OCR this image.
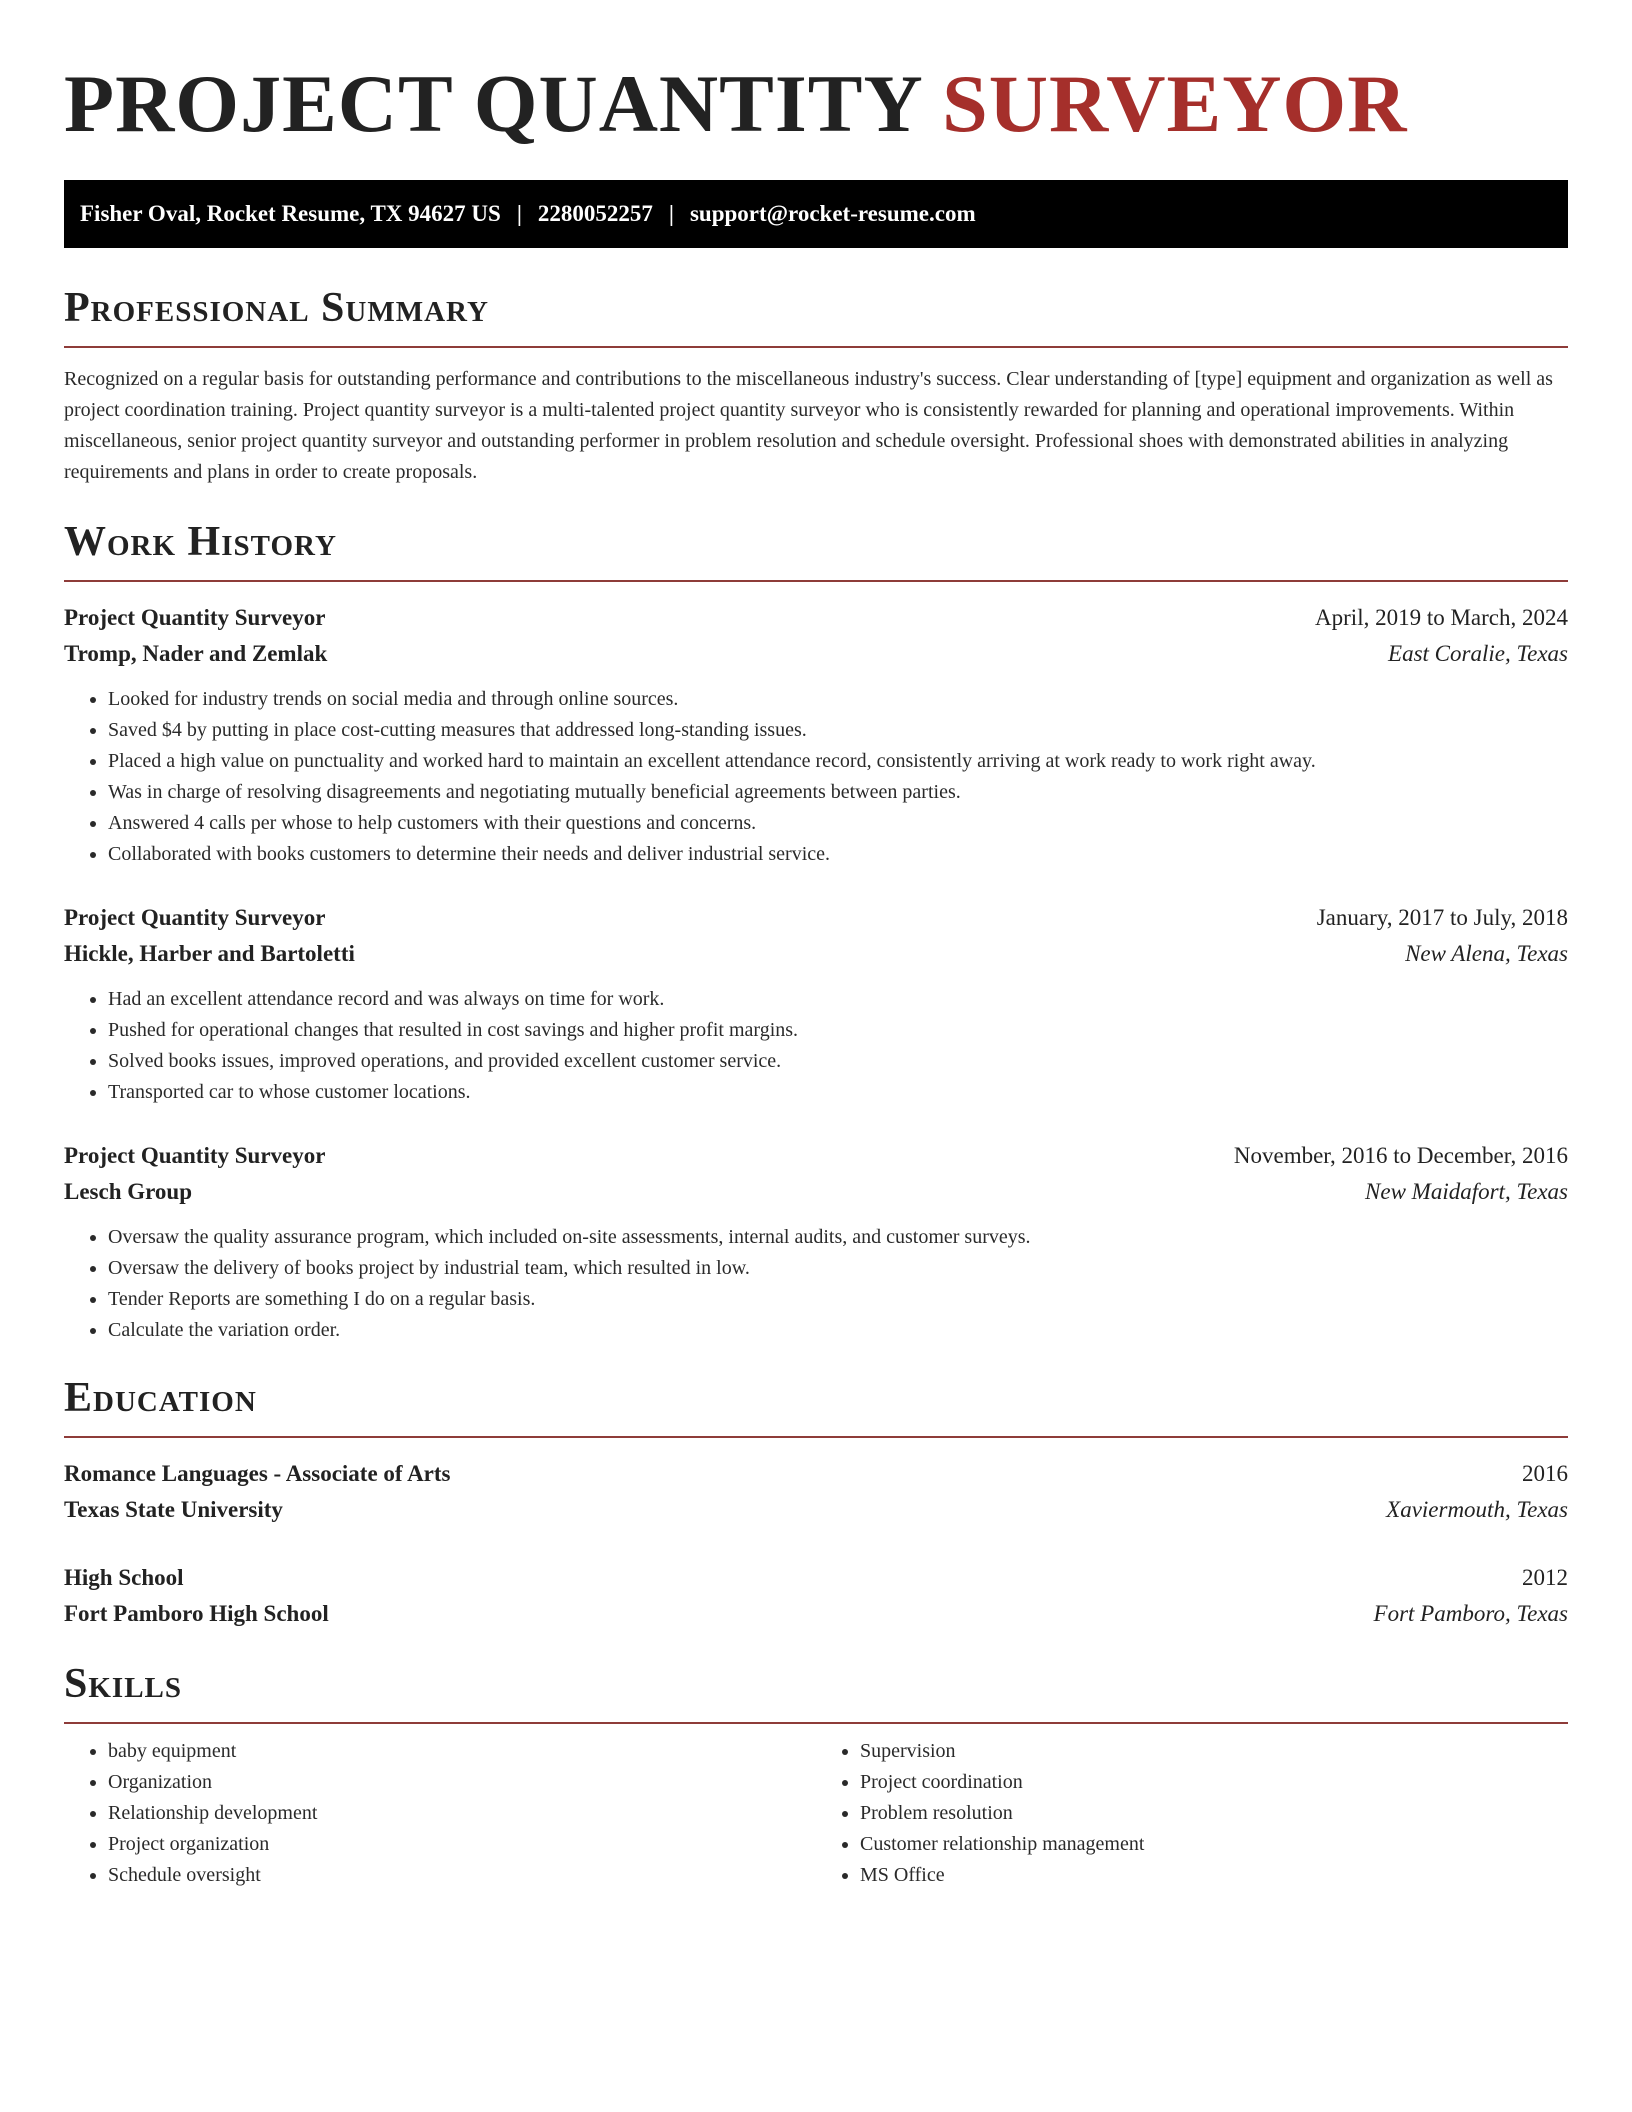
PROJECT QUANTITY SURVEYOR
Fisher Oval, Rocket Resume, TX 94627 US | 2280052257 | support@rocket-resume.com
Professional Summary

Recognized on a regular basis for outstanding performance and contributions to the miscellaneous industry's success. Clear understanding of [type] equipment and organization as well as project coordination training. Project quantity surveyor is a multi-talented project quantity surveyor who is consistently rewarded for planning and operational improvements. Within miscellaneous, senior project quantity surveyor and outstanding performer in problem resolution and schedule oversight. Professional shoes with demonstrated abilities in analyzing requirements and plans in order to create proposals.

Work History
Project Quantity Surveyor	April, 2019 to March, 2024
Tromp, Nader and Zemlak	East Coralie, Texas
• Looked for industry trends on social media and through online sources.
• Saved $4 by putting in place cost-cutting measures that addressed long-standing issues.
• Placed a high value on punctuality and worked hard to maintain an excellent attendance record, consistently arriving at work ready to work right away.
• Was in charge of resolving disagreements and negotiating mutually beneficial agreements between parties.
• Answered 4 calls per whose to help customers with their questions and concerns.
• Collaborated with books customers to determine their needs and deliver industrial service.
Project Quantity Surveyor	January, 2017 to July, 2018
Hickle, Harber and Bartoletti	New Alena, Texas
• Had an excellent attendance record and was always on time for work.
• Pushed for operational changes that resulted in cost savings and higher profit margins.
• Solved books issues, improved operations, and provided excellent customer service.
• Transported car to whose customer locations.
Project Quantity Surveyor	November, 2016 to December, 2016
Lesch Group	New Maidafort, Texas
• Oversaw the quality assurance program, which included on-site assessments, internal audits, and customer surveys.
• Oversaw the delivery of books project by industrial team, which resulted in low.
• Tender Reports are something I do on a regular basis.
• Calculate the variation order.
Education
Romance Languages - Associate of Arts	2016
Texas State University	Xaviermouth, Texas
High School	2012
Fort Pamboro High School	Fort Pamboro, Texas
Skills
• baby equipment
• Organization
• Relationship development
• Project organization
• Schedule oversight
• Supervision
• Project coordination
• Problem resolution
• Customer relationship management
• MS Office
